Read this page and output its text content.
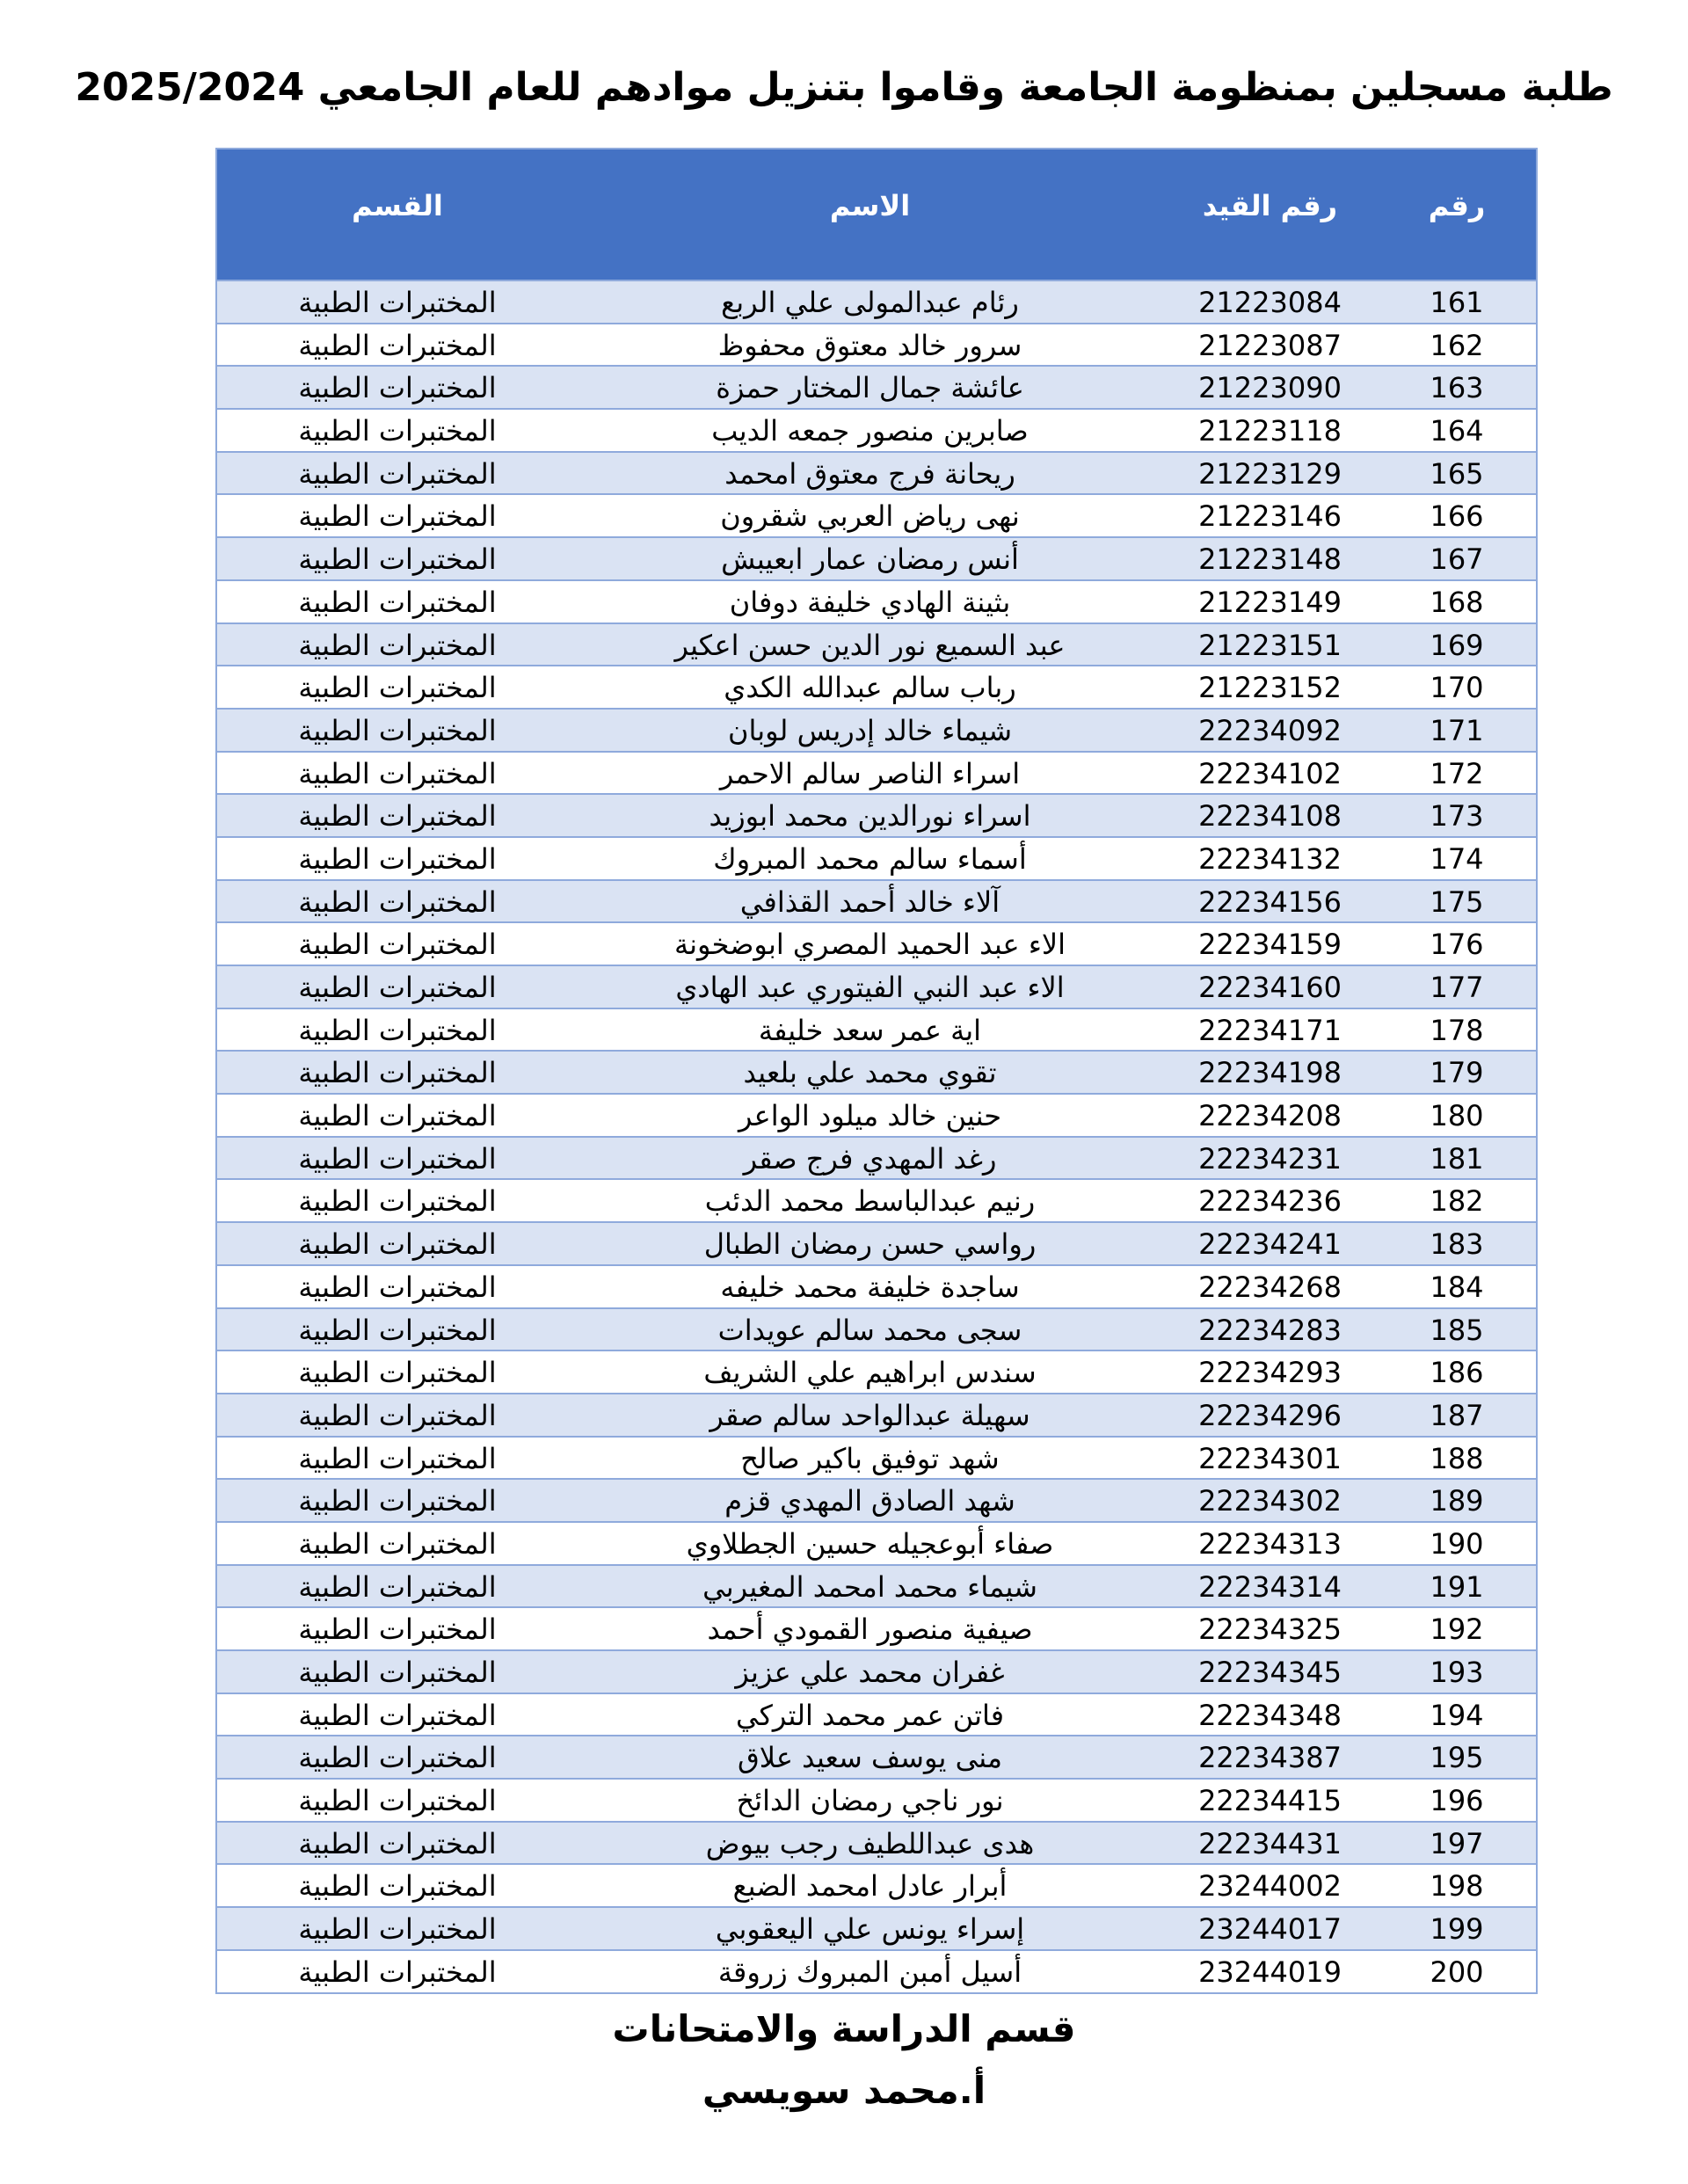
طلبة مسجلين بمنظومة الجامعة وقاموا بتنزيل موادهم للعام الجامعي 2025/2024
رقم
رقم القيد
الاسم
القسم
161
21223084
رئام عبدالمولى علي الربع
المختبرات الطبية
162
21223087
سرور خالد معتوق محفوظ
المختبرات الطبية
163
21223090
عائشة جمال المختار حمزة
المختبرات الطبية
164
21223118
صابرين منصور جمعه الديب
المختبرات الطبية
165
21223129
ريحانة فرج معتوق امحمد
المختبرات الطبية
166
21223146
نهى رياض العربي شقرون
المختبرات الطبية
167
21223148
أنس رمضان عمار ابعيبش
المختبرات الطبية
168
21223149
بثينة الهادي خليفة دوفان
المختبرات الطبية
169
21223151
عبد السميع نور الدين حسن اعكير
المختبرات الطبية
170
21223152
رباب سالم عبدالله الكدي
المختبرات الطبية
171
22234092
شيماء خالد إدريس لوبان
المختبرات الطبية
172
22234102
اسراء الناصر سالم الاحمر
المختبرات الطبية
173
22234108
اسراء نورالدين محمد ابوزيد
المختبرات الطبية
174
22234132
أسماء سالم محمد المبروك
المختبرات الطبية
175
22234156
آلاء خالد أحمد القذافي
المختبرات الطبية
176
22234159
الاء عبد الحميد المصري ابوضخونة
المختبرات الطبية
177
22234160
الاء عبد النبي الفيتوري عبد الهادي
المختبرات الطبية
178
22234171
اية عمر سعد خليفة
المختبرات الطبية
179
22234198
تقوي محمد علي بلعيد
المختبرات الطبية
180
22234208
حنين خالد ميلود الواعر
المختبرات الطبية
181
22234231
رغد المهدي فرج صقر
المختبرات الطبية
182
22234236
رنيم عبدالباسط محمد الدئب
المختبرات الطبية
183
22234241
رواسي حسن رمضان الطبال
المختبرات الطبية
184
22234268
ساجدة خليفة محمد خليفه
المختبرات الطبية
185
22234283
سجى محمد سالم عويدات
المختبرات الطبية
186
22234293
سندس ابراهيم علي الشريف
المختبرات الطبية
187
22234296
سهيلة عبدالواحد سالم صقر
المختبرات الطبية
188
22234301
شهد توفيق باكير صالح
المختبرات الطبية
189
22234302
شهد الصادق المهدي قزم
المختبرات الطبية
190
22234313
صفاء أبوعجيله حسين الجطلاوي
المختبرات الطبية
191
22234314
شيماء محمد امحمد المغيربي
المختبرات الطبية
192
22234325
صيفية منصور القمودي أحمد
المختبرات الطبية
193
22234345
غفران محمد علي عزيز
المختبرات الطبية
194
22234348
فاتن عمر محمد التركي
المختبرات الطبية
195
22234387
منى يوسف سعيد علاق
المختبرات الطبية
196
22234415
نور ناجي رمضان الدائخ
المختبرات الطبية
197
22234431
هدى عبداللطيف رجب بيوض
المختبرات الطبية
198
23244002
أبرار عادل امحمد الضبع
المختبرات الطبية
199
23244017
إسراء يونس علي اليعقوبي
المختبرات الطبية
200
23244019
أسيل أمبن المبروك زروقة
المختبرات الطبية
قسم الدراسة والامتحانات
أ.محمد سويسي
